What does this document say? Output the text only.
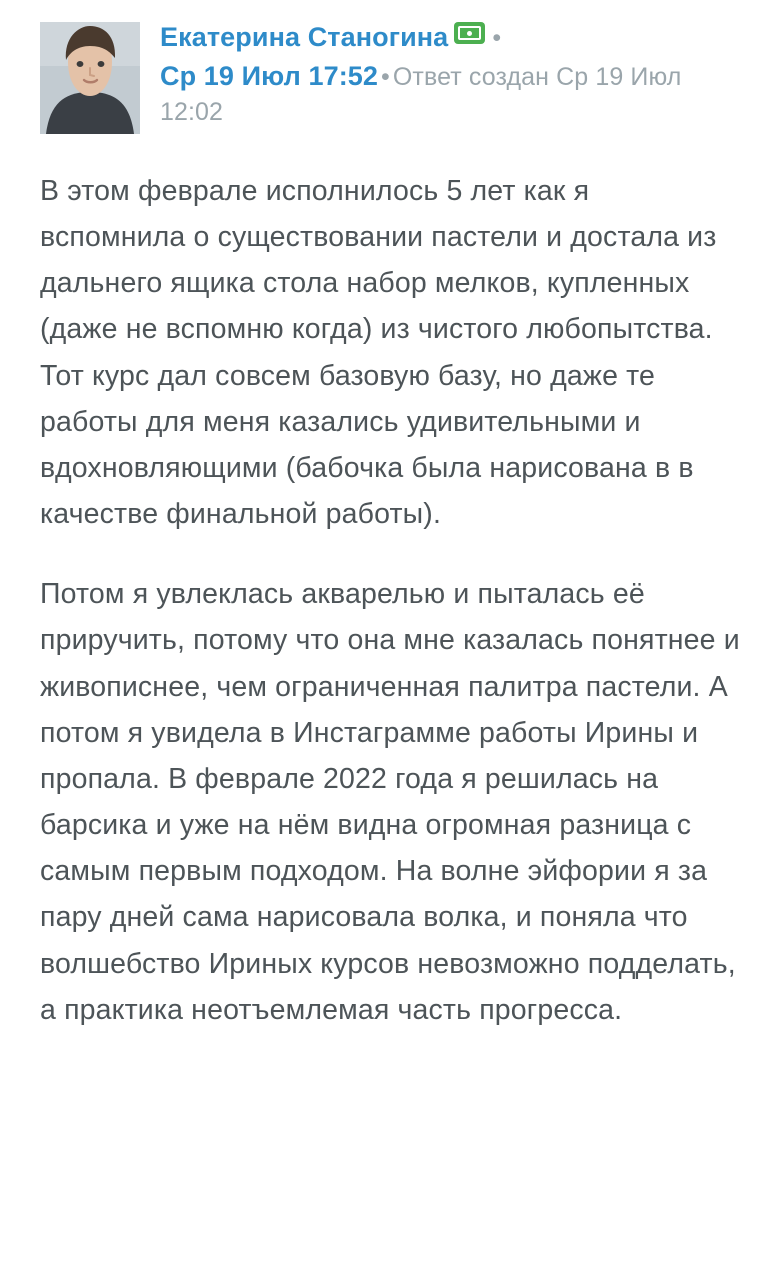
Екатерина Станогина •
Ср 19 Июл 17:52 • Ответ создан Ср 19 Июл 12:02

В этом феврале исполнилось 5 лет как я вспомнила о существовании пастели и достала из дальнего ящика стола набор мелков, купленных (даже не вспомню когда) из чистого любопытства. Тот курс дал совсем базовую базу, но даже те работы для меня казались удивительными и вдохновляющими (бабочка была нарисована в в качестве финальной работы).

Потом я увлеклась акварелью и пыталась её приручить, потому что она мне казалась понятнее и живописнее, чем ограниченная палитра пастели. А потом я увидела в Инстаграмме работы Ирины и пропала. В феврале 2022 года я решилась на барсика и уже на нём видна огромная разница с самым первым подходом. На волне эйфории я за пару дней сама нарисовала волка, и поняла что волшебство Ириных курсов невозможно подделать, а практика неотъемлемая часть прогресса.
